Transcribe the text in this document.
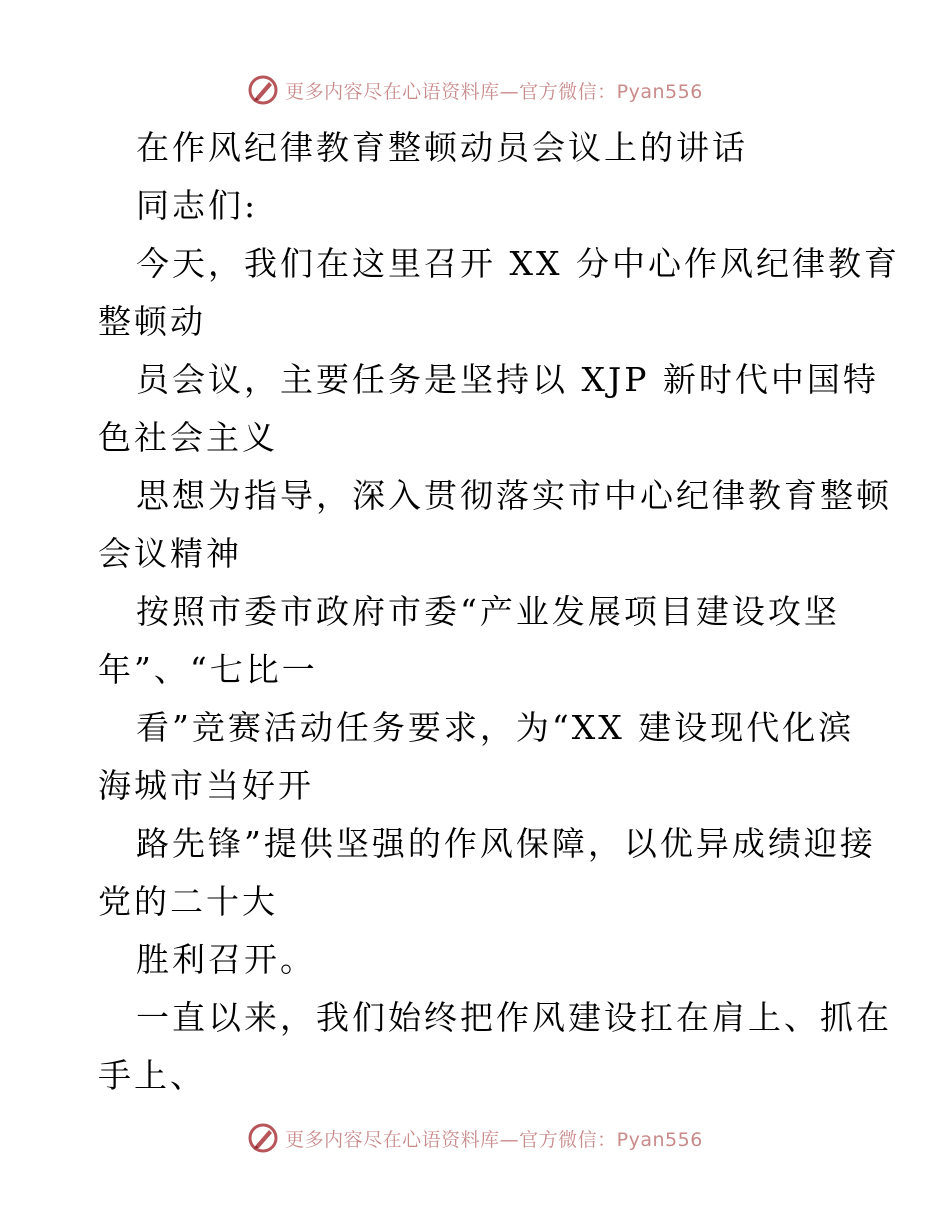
更多内容尽在心语资料库—官方微信：Pyan556
在作风纪律教育整顿动员会议上的讲话
同志们:
今天，我们在这里召开 XX 分中心作风纪律教育
整顿动
员会议，主要任务是坚持以 XJP 新时代中国特
色社会主义
思想为指导，深入贯彻落实市中心纪律教育整顿
会议精神
按照市委市政府市委“产业发展项目建设攻坚
年”、“七比一
看”竞赛活动任务要求，为“XX 建设现代化滨
海城市当好开
路先锋”提供坚强的作风保障，以优异成绩迎接
党的二十大
胜利召开。
一直以来，我们始终把作风建设扛在肩上、抓在
手上、
更多内容尽在心语资料库—官方微信：Pyan556
